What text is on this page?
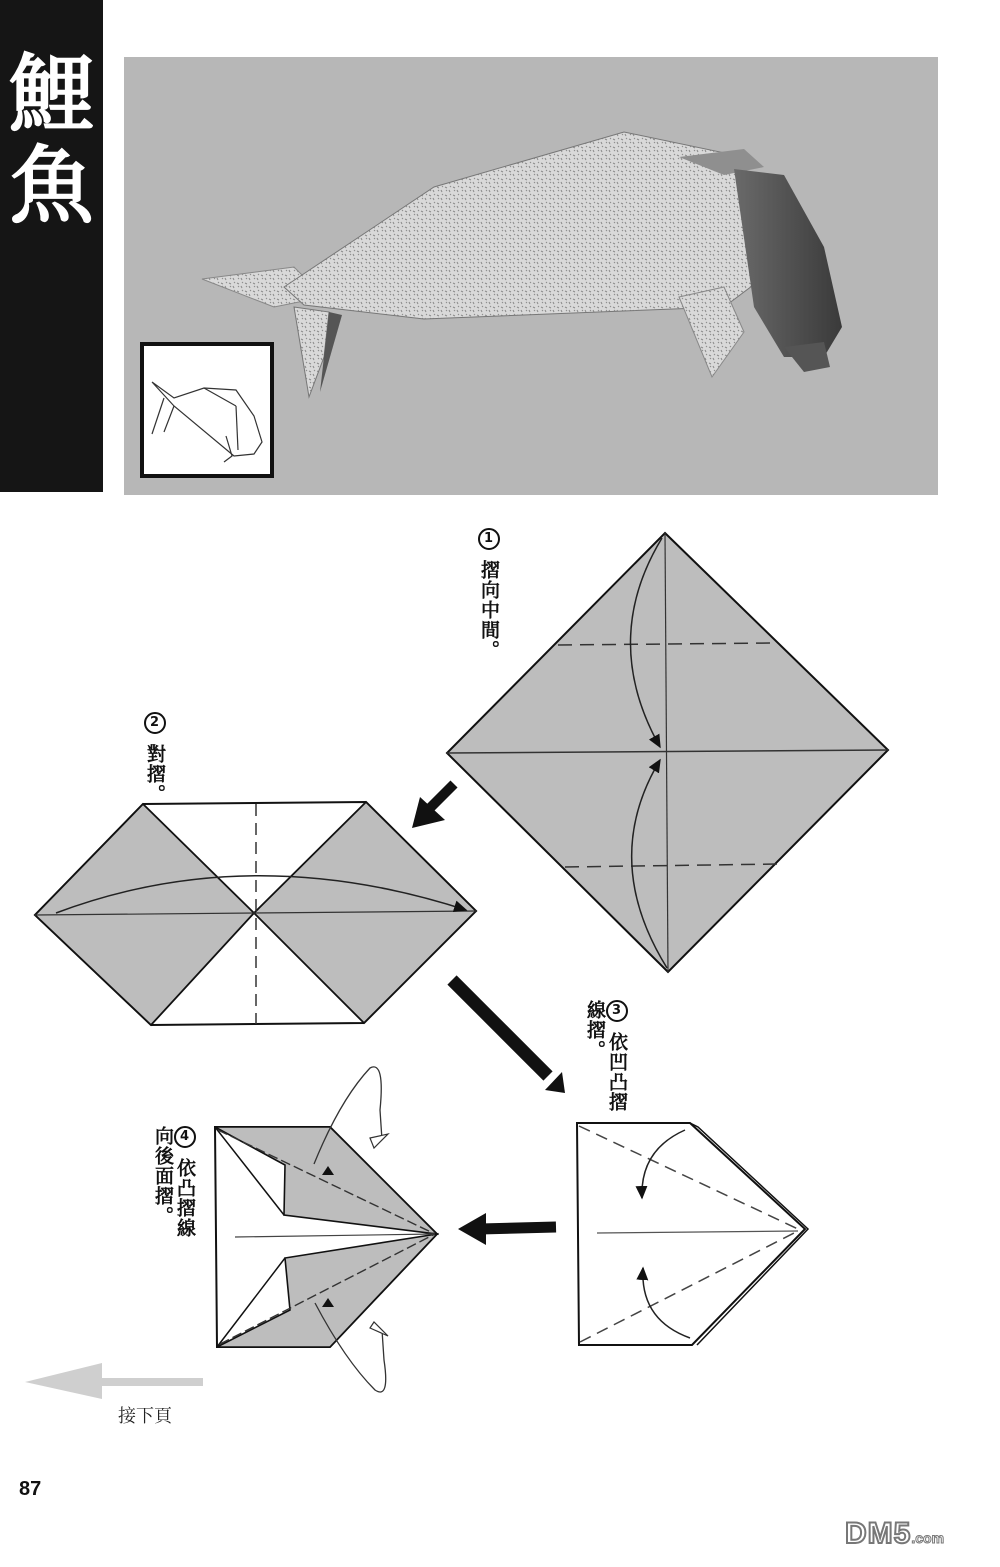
鯉
魚
1 摺向中間。
2 對摺。
3 依凹凸摺線摺。
4 依凸摺線向後面摺。
接下頁
87
DM5.com
